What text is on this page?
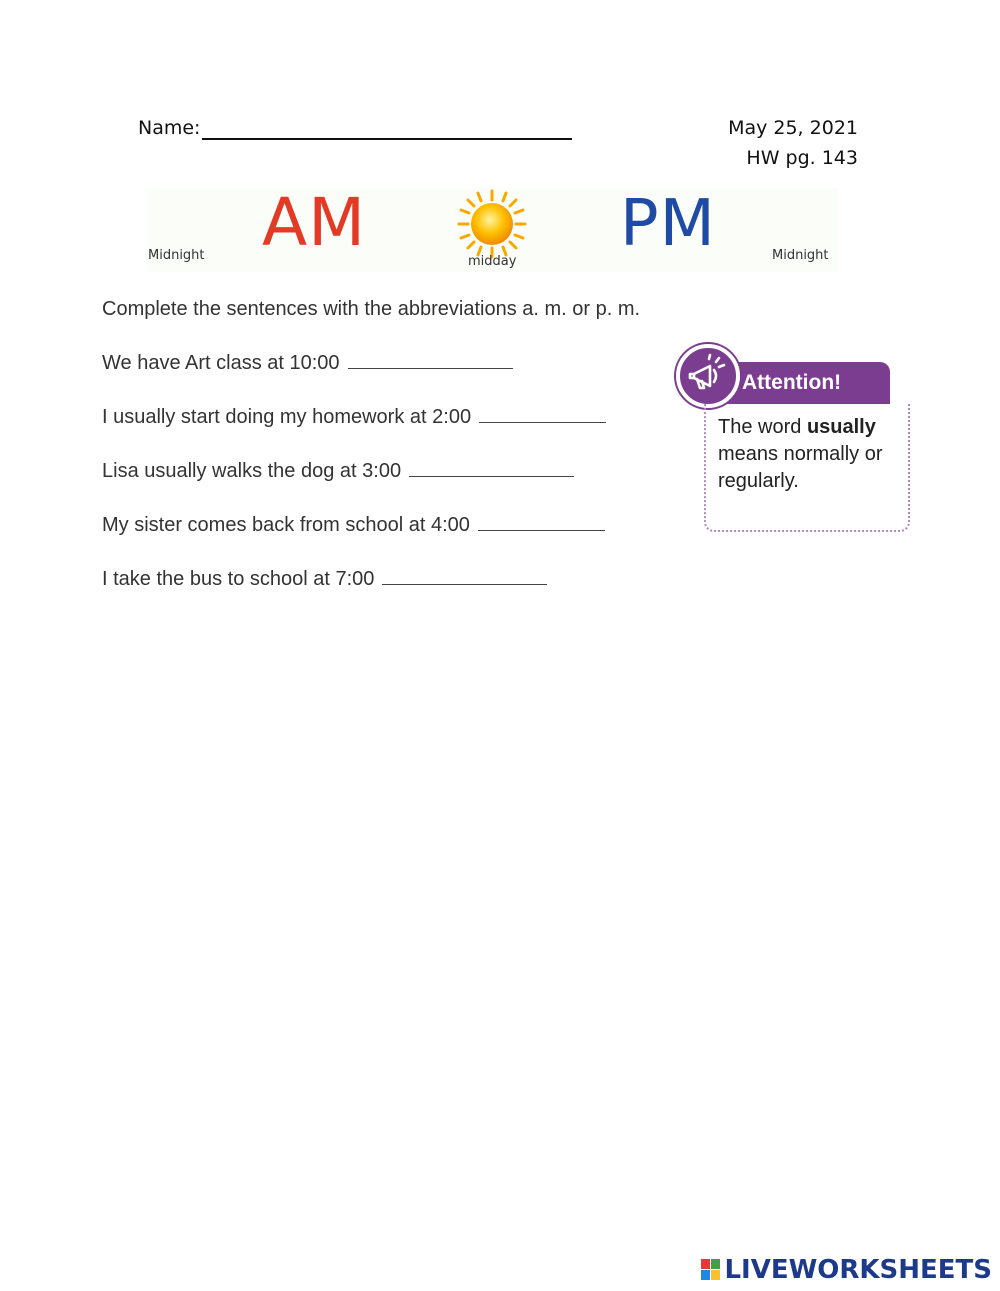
Name:	May 25, 2021
HW pg. 143
Midnight AM
midday
PM	Midnight
Complete the sentences with the abbreviations a. m. or p. m.
We have Art class at 10:00
I usually start doing my homework at 2:00
Lisa usually walks the dog at 3:00
My sister comes back from school at 4:00
I take the bus to school at 7:00
Attention!
The word usually means normally or regularly.
LIVEWORKSHEETS
